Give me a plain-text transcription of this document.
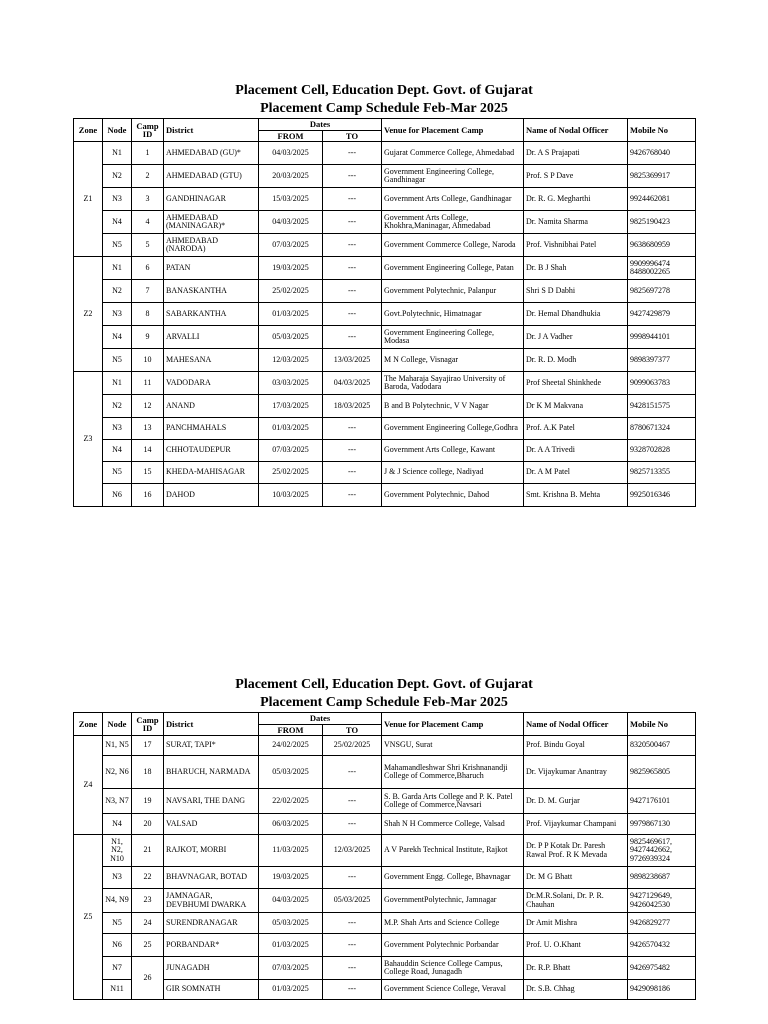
Placement Cell, Education Dept. Govt. of Gujarat
Placement Camp Schedule Feb-Mar 2025
Zone	Node	Camp ID	District	Dates		Venue for Placement Camp	Name of Nodal Officer	Mobile No
				FROM	TO			
Z1	N1	1	AHMEDABAD (GU)*	04/03/2025	---	Gujarat Commerce College, Ahmedabad	Dr. A S Prajapati	9426768040
	N2	2	AHMEDABAD (GTU)	20/03/2025	---	Government Engineering College, Gandhinagar	Prof. S P Dave	9825369917
	N3	3	GANDHINAGAR	15/03/2025	---	Government Arts College, Gandhinagar	Dr. R. G. Megharthi	9924462081
	N4	4	AHMEDABAD (MANINAGAR)*	04/03/2025	---	Government Arts College, Khokhra,Maninagar, Ahmedabad	Dr. Namita Sharma	9825190423
	N5	5	AHMEDABAD (NARODA)	07/03/2025	---	Government Commerce College, Naroda	Prof. Vishnibhai Patel	9638680959
Z2	N1	6	PATAN	19/03/2025	---	Government Engineering College, Patan	Dr. B J Shah	9909996474 8488002265
	N2	7	BANASKANTHA	25/02/2025	---	Government Polytechnic, Palanpur	Shri S D Dabhi	9825697278
	N3	8	SABARKANTHA	01/03/2025	---	Govt.Polytechnic, Himatnagar	Dr. Hemal Dhandhukia	9427429879
	N4	9	ARVALLI	05/03/2025	---	Government Engineering College, Modasa	Dr. J A Vadher	9998944101
	N5	10	MAHESANA	12/03/2025	13/03/2025	M N College, Visnagar	Dr. R. D. Modh	9898397377
Z3	N1	11	VADODARA	03/03/2025	04/03/2025	The Maharaja Sayajirao University of Baroda, Vadodara	Prof Sheetal Shinkhede	9099063783
	N2	12	ANAND	17/03/2025	18/03/2025	B and B Polytechnic, V V Nagar	Dr K M Makvana	9428151575
	N3	13	PANCHMAHALS	01/03/2025	---	Government Engineering College,Godhra	Prof. A.K Patel	8780671324
	N4	14	CHHOTAUDEPUR	07/03/2025	---	Government Arts College, Kawant	Dr. A A Trivedi	9328702828
	N5	15	KHEDA-MAHISAGAR	25/02/2025	---	J & J Science college, Nadiyad	Dr. A M Patel	9825713355
	N6	16	DAHOD	10/03/2025	---	Government Polytechnic, Dahod	Smt. Krishna B. Mehta	9925016346
Placement Cell, Education Dept. Govt. of Gujarat
Placement Camp Schedule Feb-Mar 2025
Zone	Node	Camp ID	District	Dates		Venue for Placement Camp	Name of Nodal Officer	Mobile No
				FROM	TO			
Z4	N1, N5	17	SURAT, TAPI*	24/02/2025	25/02/2025	VNSGU, Surat	Prof. Bindu Goyal	8320500467
	N2, N6	18	BHARUCH, NARMADA	05/03/2025	---	Mahamandleshwar Shri Krishnanandji College of Commerce,Bharuch	Dr. Vijaykumar Anantray	9825965805
	N3, N7	19	NAVSARI, THE DANG	22/02/2025	---	S. B. Garda Arts College and P. K. Patel College of Commerce,Navsari	Dr. D. M. Gurjar	9427176101
	N4	20	VALSAD	06/03/2025	---	Shah N H Commerce College, Valsad	Prof. Vijaykumar Champani	9979867130
Z5	N1, N2, N10	21	RAJKOT, MORBI	11/03/2025	12/03/2025	A V Parekh Technical Institute, Rajkot	Dr. P P Kotak Dr. Paresh Rawal Prof. R K Mevada	9825469617, 9427442662, 9726939324
	N3	22	BHAVNAGAR, BOTAD	19/03/2025	---	Government Engg. College, Bhavnagar	Dr. M G Bhatt	9898238687
	N4, N9	23	JAMNAGAR, DEVBHUMI DWARKA	04/03/2025	05/03/2025	GovernmentPolytechnic, Jamnagar	Dr.M.R.Solani, Dr. P. R. Chauhan	9427129649, 9426042530
	N5	24	SURENDRANAGAR	05/03/2025	---	M.P. Shah Arts and Science College	Dr Amit Mishra	9426829277
	N6	25	PORBANDAR*	01/03/2025	---	Government Polytechnic Porbandar	Prof. U. O.Khant	9426570432
	N7	26	JUNAGADH	07/03/2025	---	Bahauddin Science College Campus, College Road, Junagadh	Dr. R.P. Bhatt	9426975482
	N11		GIR SOMNATH	01/03/2025	---	Government Science College, Veraval	Dr. S.B. Chhag	9429098186
